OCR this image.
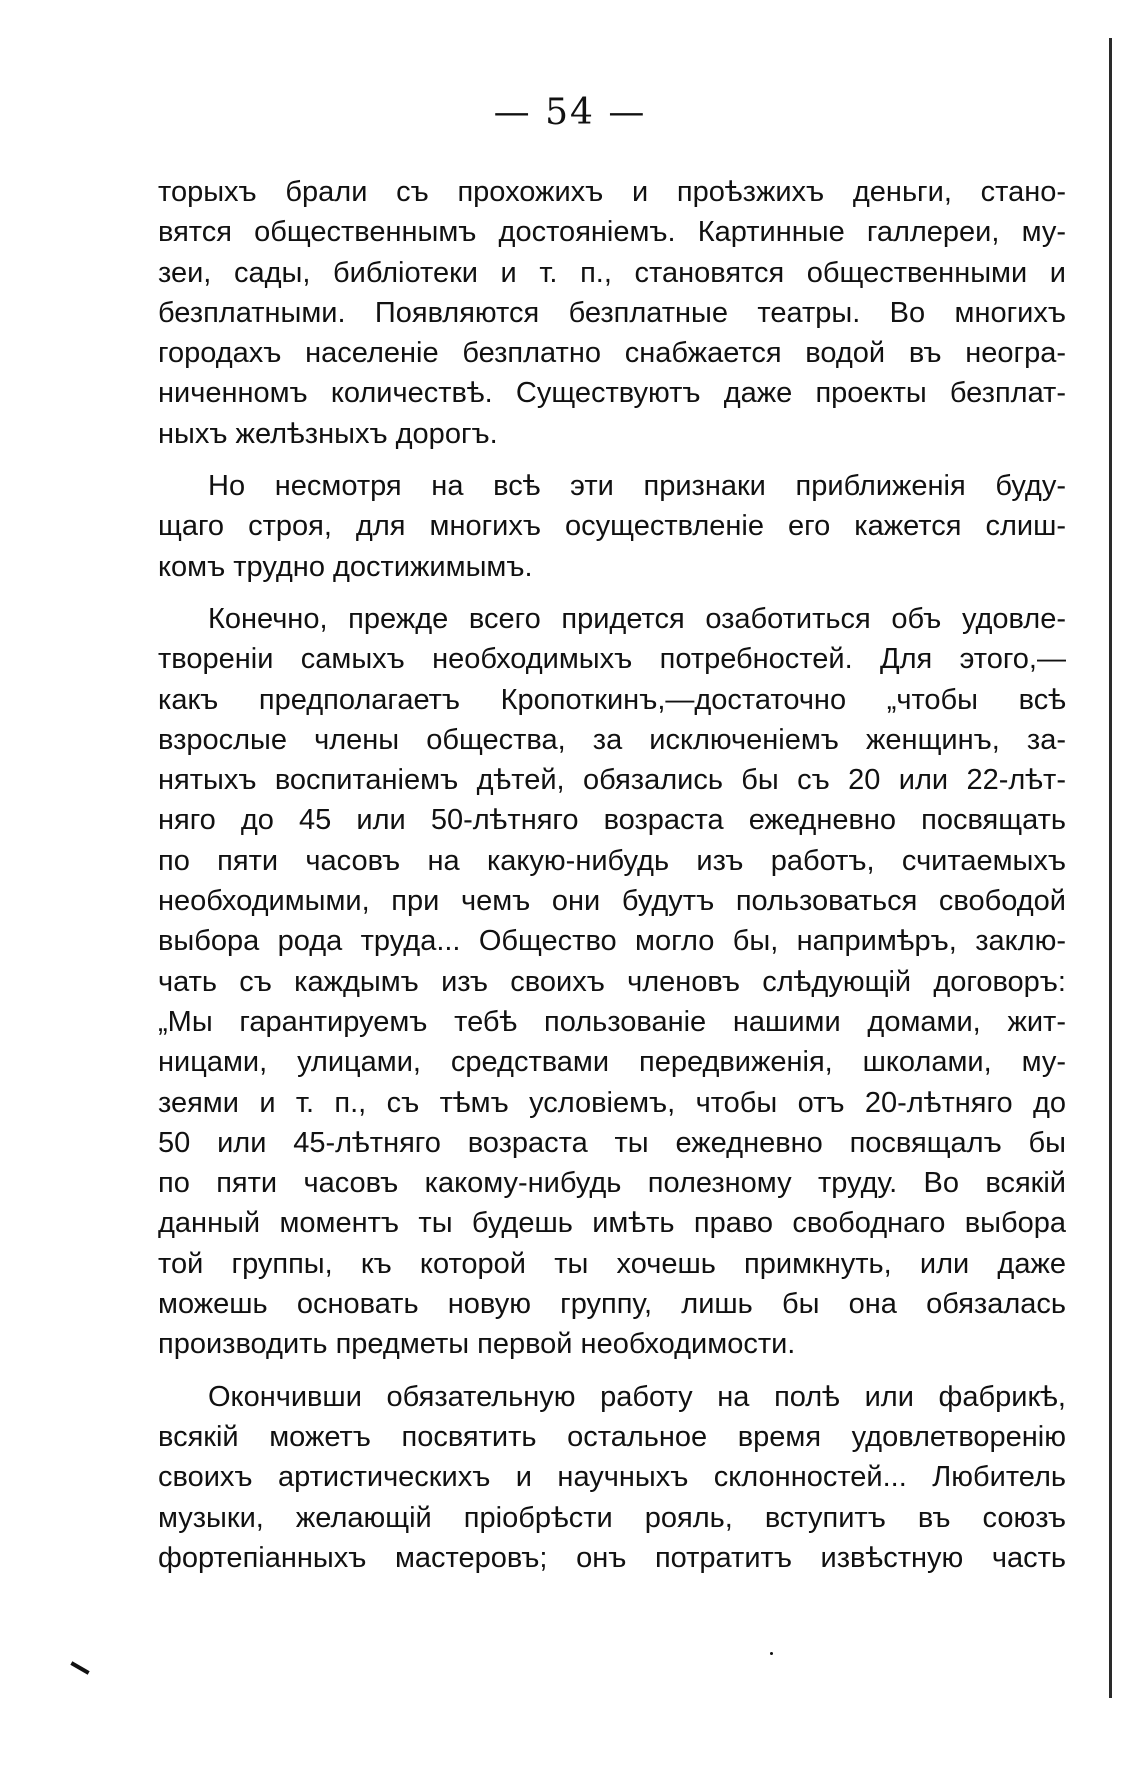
— 54 —
торыхъ брали съ прохожихъ и проѣзжихъ деньги, стано-
вятся общественнымъ достояніемъ. Картинные галлереи, му-
зеи, сады, библіотеки и т. п., становятся общественными и
безплатными. Появляются безплатные театры. Во многихъ
городахъ населеніе безплатно снабжается водой въ неогра-
ниченномъ количествѣ. Существуютъ даже проекты безплат-
ныхъ желѣзныхъ дорогъ.
Но несмотря на всѣ эти признаки приближенія буду-
щаго строя, для многихъ осуществленіе его кажется слиш-
комъ трудно достижимымъ.
Конечно, прежде всего придется озаботиться объ удовле-
твореніи самыхъ необходимыхъ потребностей. Для этого,—
какъ предполагаетъ Кропоткинъ,—достаточно „чтобы всѣ
взрослые члены общества, за исключеніемъ женщинъ, за-
нятыхъ воспитаніемъ дѣтей, обязались бы съ 20 или 22-лѣт-
няго до 45 или 50-лѣтняго возраста ежедневно посвящать
по пяти часовъ на какую-нибудь изъ работъ, считаемыхъ
необходимыми, при чемъ они будутъ пользоваться свободой
выбора рода труда... Общество могло бы, напримѣръ, заклю-
чать съ каждымъ изъ своихъ членовъ слѣдующій договоръ:
„Мы гарантируемъ тебѣ пользованіе нашими домами, жит-
ницами, улицами, средствами передвиженія, школами, му-
зеями и т. п., съ тѣмъ условіемъ, чтобы отъ 20-лѣтняго до
50 или 45-лѣтняго возраста ты ежедневно посвящалъ бы
по пяти часовъ какому-нибудь полезному труду. Во всякій
данный моментъ ты будешь имѣть право свободнаго выбора
той группы, къ которой ты хочешь примкнуть, или даже
можешь основать новую группу, лишь бы она обязалась
производить предметы первой необходимости.
Окончивши обязательную работу на полѣ или фабрикѣ,
всякій можетъ посвятить остальное время удовлетворенію
своихъ артистическихъ и научныхъ склонностей... Любитель
музыки, желающій пріобрѣсти рояль, вступитъ въ союзъ
фортепіанныхъ мастеровъ; онъ потратитъ извѣстную часть
